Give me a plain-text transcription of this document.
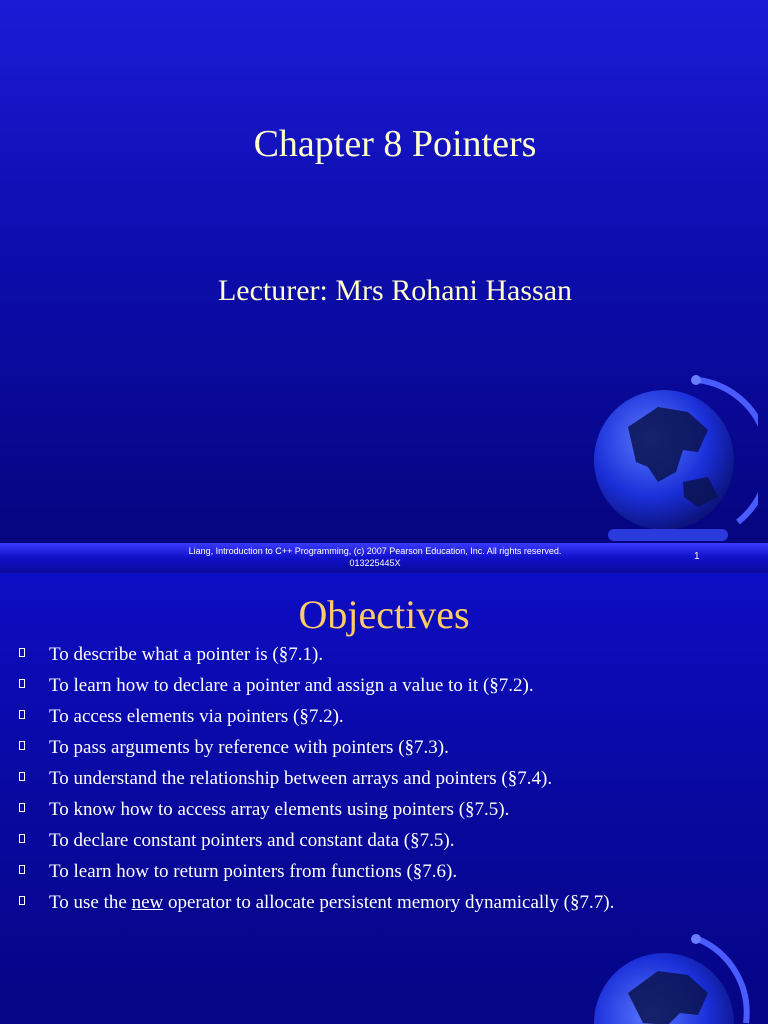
Chapter 8 Pointers
Lecturer: Mrs Rohani Hassan
Liang, Introduction to C++ Programming, (c) 2007 Pearson Education, Inc. All rights reserved.
013225445X
1
Objectives
To describe what a pointer is (§7.1).
To learn how to declare a pointer and assign a value to it (§7.2).
To access elements via pointers (§7.2).
To pass arguments by reference with pointers (§7.3).
To understand the relationship between arrays and pointers (§7.4).
To know how to access array elements using pointers (§7.5).
To declare constant pointers and constant data (§7.5).
To learn how to return pointers from functions (§7.6).
To use the new operator to allocate persistent memory dynamically (§7.7).
